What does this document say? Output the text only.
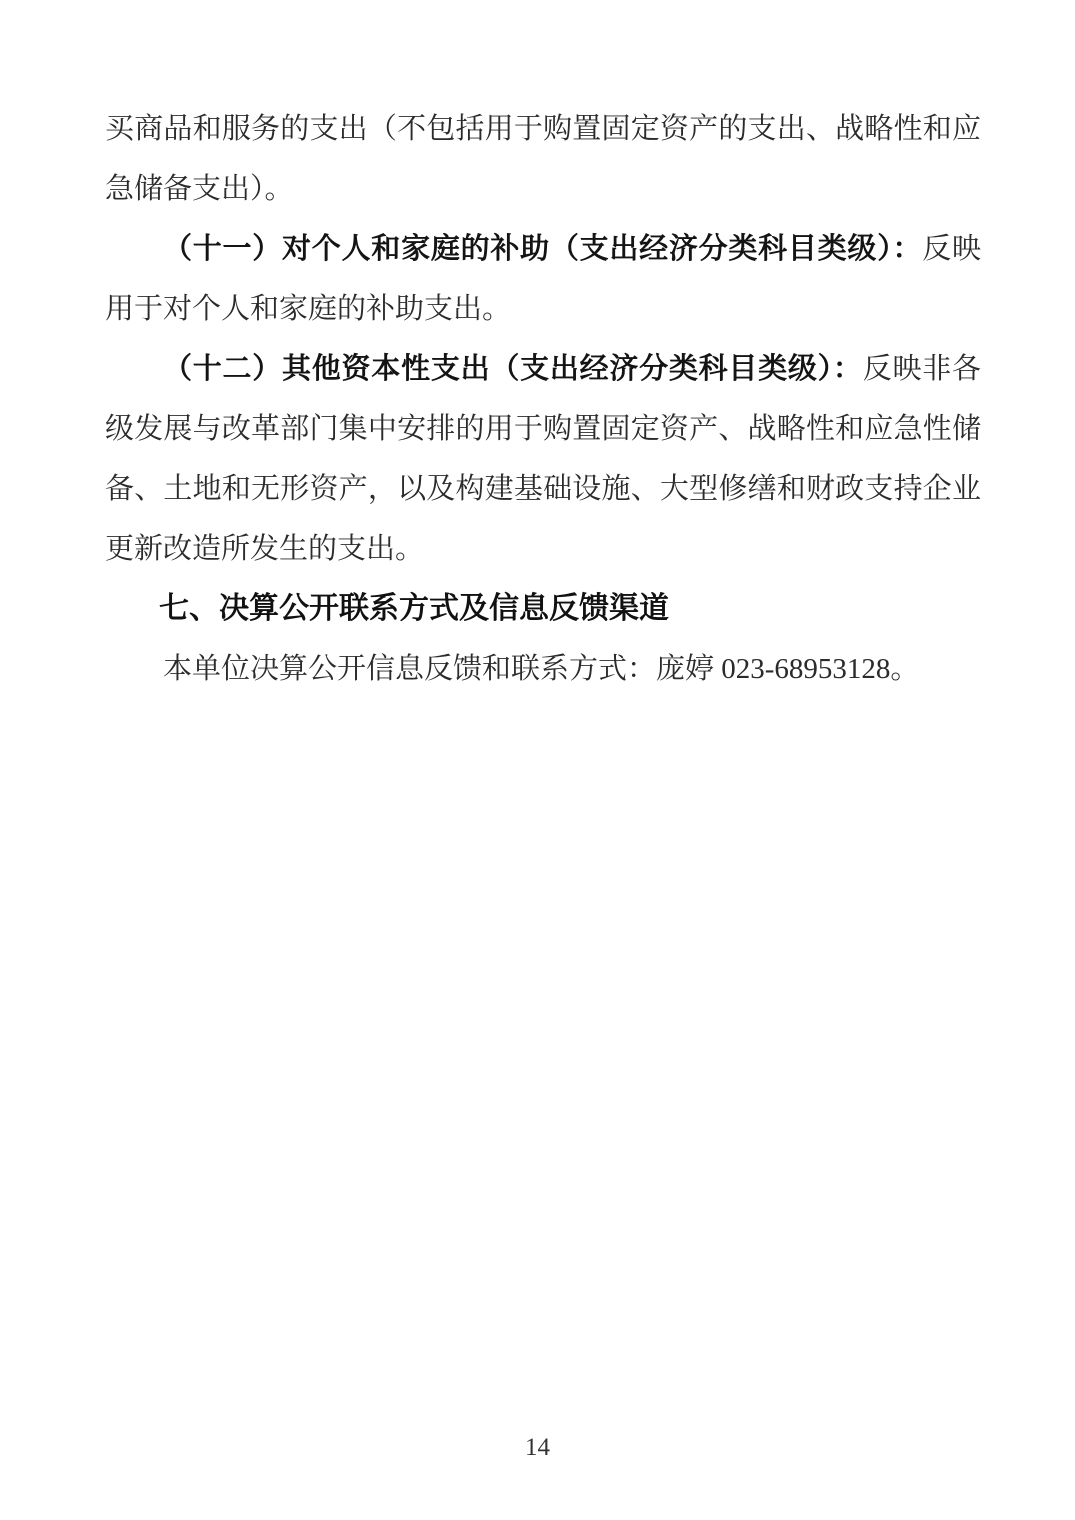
买商品和服务的支出（不包括用于购置固定资产的支出、战略性和应急储备支出）。

（十一）对个人和家庭的补助（支出经济分类科目类级）：反映用于对个人和家庭的补助支出。

（十二）其他资本性支出（支出经济分类科目类级）：反映非各级发展与改革部门集中安排的用于购置固定资产、战略性和应急性储备、土地和无形资产，以及构建基础设施、大型修缮和财政支持企业更新改造所发生的支出。

七、决算公开联系方式及信息反馈渠道

本单位决算公开信息反馈和联系方式：庞婷 023-68953128。

14
